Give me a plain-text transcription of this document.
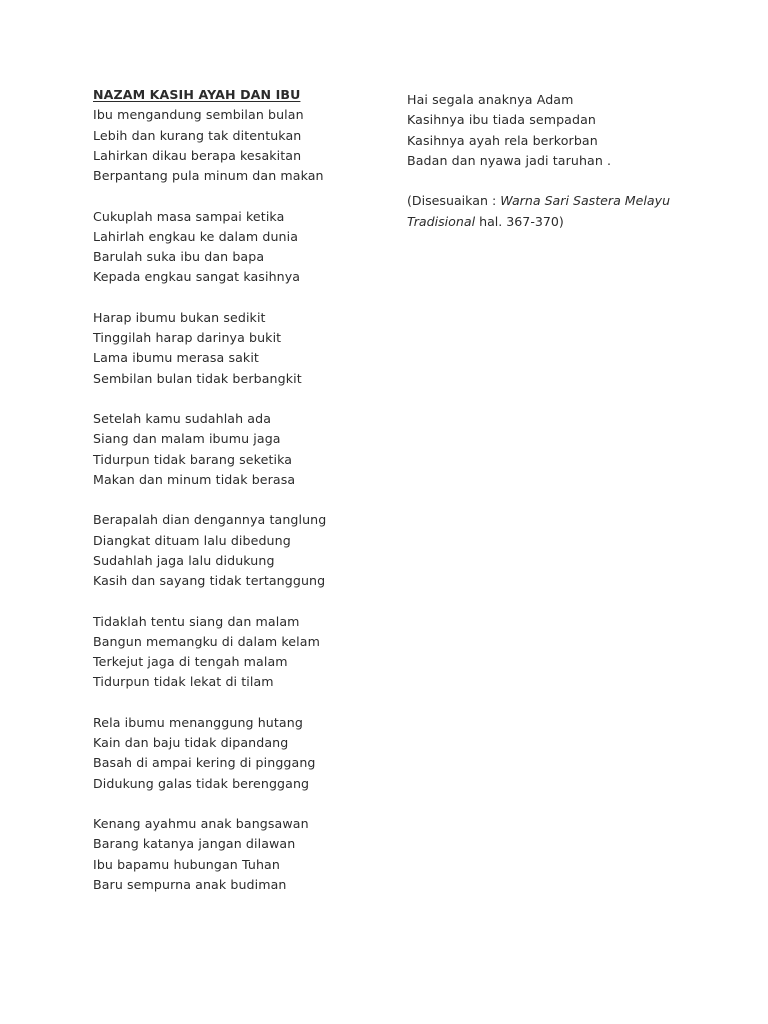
NAZAM KASIH AYAH DAN IBU
Ibu mengandung sembilan bulan
Lebih dan kurang tak ditentukan
Lahirkan dikau berapa kesakitan
Berpantang pula minum dan makan
Cukuplah masa sampai ketika
Lahirlah engkau ke dalam dunia
Barulah suka ibu dan bapa
Kepada engkau sangat kasihnya
Harap ibumu bukan sedikit
Tinggilah harap darinya bukit
Lama ibumu merasa sakit
Sembilan bulan tidak berbangkit
Setelah kamu sudahlah ada
Siang dan malam ibumu jaga
Tidurpun tidak barang seketika
Makan dan minum tidak berasa
Berapalah dian dengannya tanglung
Diangkat dituam lalu dibedung
Sudahlah jaga lalu didukung
Kasih dan sayang tidak tertanggung
Tidaklah tentu siang dan malam
Bangun memangku di dalam kelam
Terkejut jaga di tengah malam
Tidurpun tidak lekat di tilam
Rela ibumu menanggung hutang
Kain dan baju tidak dipandang
Basah di ampai kering di pinggang
Didukung galas tidak berenggang
Kenang ayahmu anak bangsawan
Barang katanya jangan dilawan
Ibu bapamu hubungan Tuhan
Baru sempurna anak budiman
Hai segala anaknya Adam
Kasihnya ibu tiada sempadan
Kasihnya ayah rela berkorban
Badan dan nyawa jadi taruhan .
(Disesuaikan : Warna Sari Sastera Melayu
Tradisional hal. 367-370)
